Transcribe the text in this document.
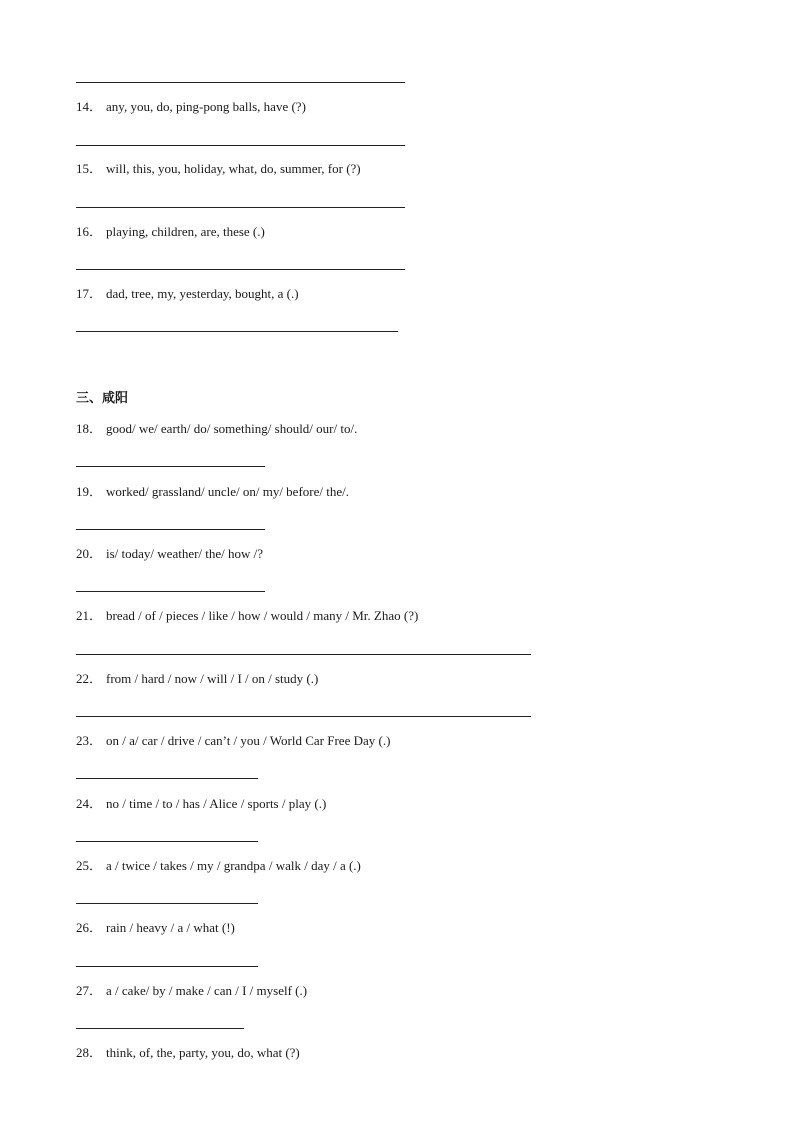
14． any, you, do, ping-pong balls, have (?)
15． will, this, you, holiday, what, do, summer, for (?)
16． playing, children, are, these (.)
17． dad, tree, my, yesterday, bought, a (.)
三、咸阳
18． good/ we/ earth/ do/ something/ should/ our/ to/.
19． worked/ grassland/ uncle/ on/ my/ before/ the/.
20． is/ today/ weather/ the/ how /?
21． bread / of / pieces / like / how / would / many / Mr. Zhao (?)
22． from / hard / now / will / I / on / study (.)
23． on / a/ car / drive / can’t / you / World Car Free Day (.)
24． no / time / to / has / Alice / sports / play (.)
25． a / twice / takes / my / grandpa / walk / day / a (.)
26． rain / heavy / a / what (!)
27． a / cake/ by / make / can / I / myself (.)
28． think, of, the, party, you, do, what (?)
